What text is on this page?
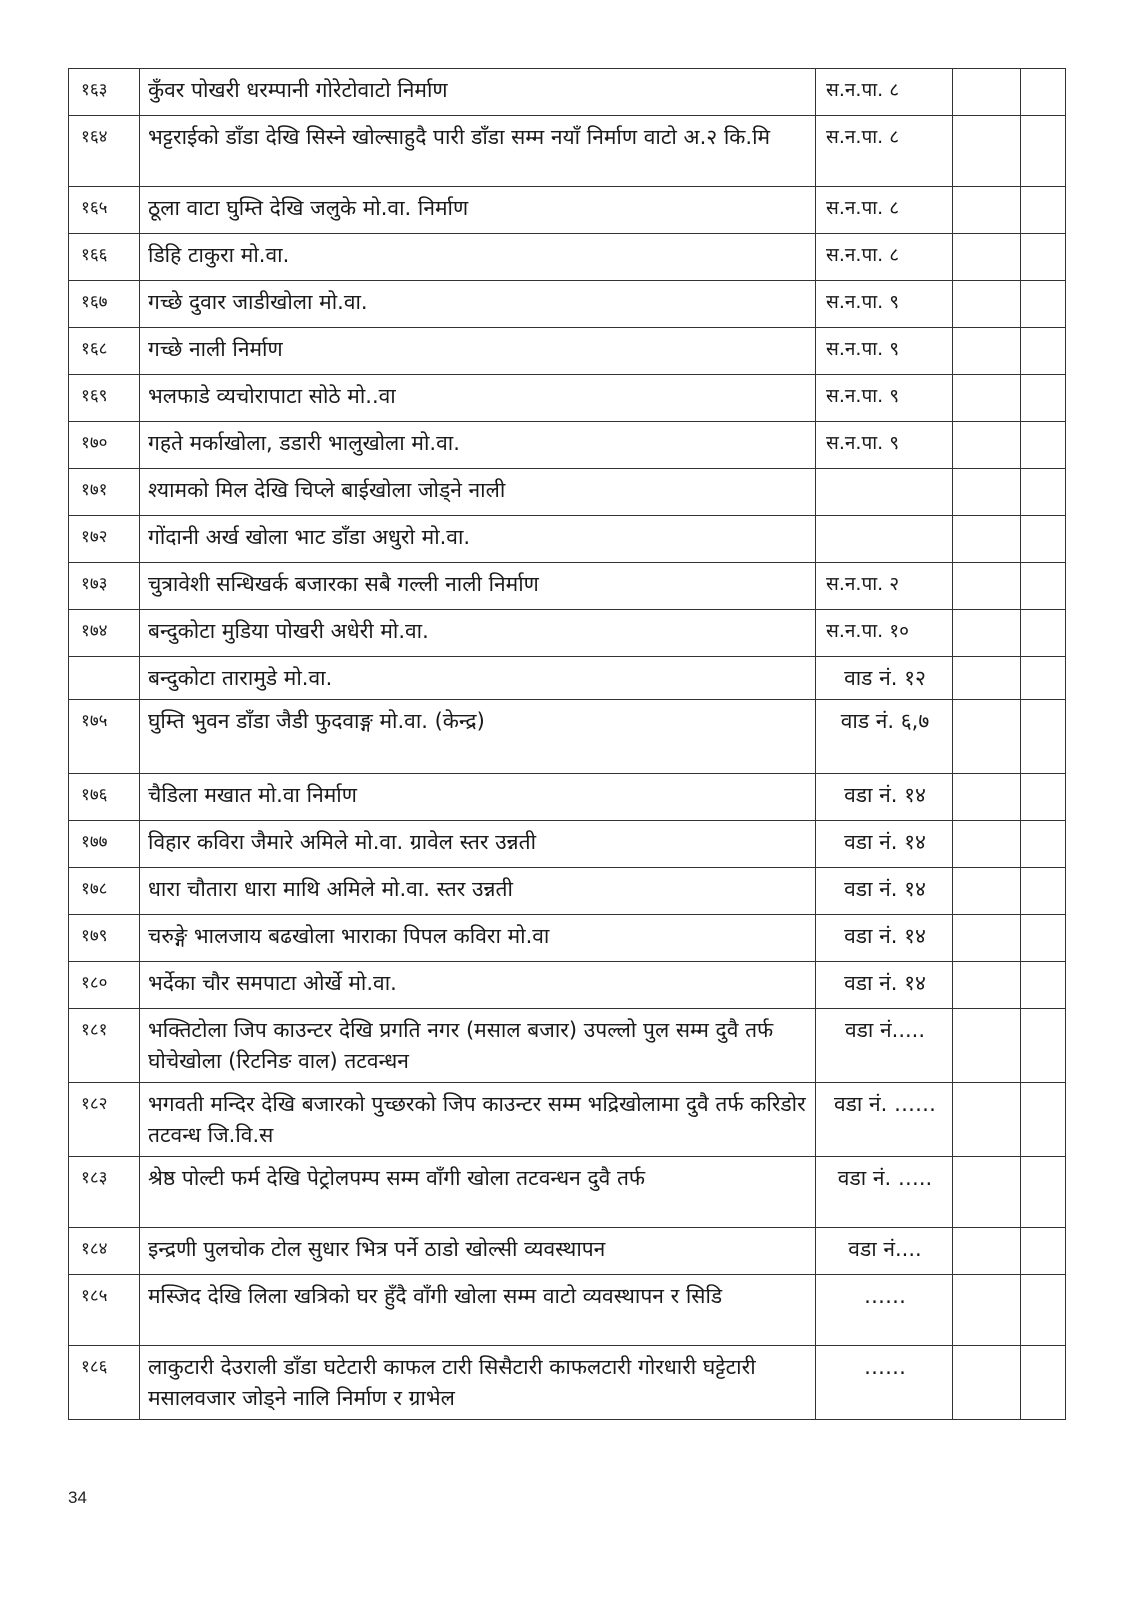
१६३	कुँवर पोखरी धरम्पानी गोरेटोवाटो निर्माण	स.न.पा. ८		
१६४	भट्टराईको डाँडा देखि सिस्ने खोल्साहुदै पारी डाँडा सम्म नयाँ निर्माण वाटो अ.२ कि.मि	स.न.पा. ८		
१६५	ठूला वाटा घुम्ति देखि जलुके मो.वा. निर्माण	स.न.पा. ८		
१६६	डिहि टाकुरा मो.वा.	स.न.पा. ८		
१६७	गच्छे दुवार जाडीखोला मो.वा.	स.न.पा. ९		
१६८	गच्छे नाली निर्माण	स.न.पा. ९		
१६९	भलफाडे व्यचोरापाटा सोठे मो..वा	स.न.पा. ९		
१७०	गहते मर्काखोला, डडारी भालुखोला मो.वा.	स.न.पा. ९		
१७१	श्यामको मिल देखि चिप्ले बाईखोला जोड्ने नाली			
१७२	गोंदानी अर्ख खोला भाट डाँडा अधुरो मो.वा.			
१७३	चुत्रावेशी सन्धिखर्क बजारका सबै गल्ली नाली निर्माण	स.न.पा. २		
१७४	बन्दुकोटा मुडिया पोखरी अधेरी मो.वा.	स.न.पा. १०		
	बन्दुकोटा तारामुडे मो.वा.	वाड नं. १२		
१७५	घुम्ति भुवन डाँडा जैडी फुदवाङ्ग मो.वा. (केन्द्र)	वाड नं. ६,७		
१७६	चैडिला मखात मो.वा निर्माण	वडा नं. १४		
१७७	विहार कविरा जैमारे अमिले मो.वा. ग्रावेल स्तर उन्नती	वडा नं. १४		
१७८	धारा चौतारा धारा माथि अमिले मो.वा. स्तर उन्नती	वडा नं. १४		
१७९	चरुङ्गे भालजाय बढखोला भाराका पिपल कविरा मो.वा	वडा नं. १४		
१८०	भर्देका चौर समपाटा ओर्खे मो.वा.	वडा नं. १४		
१८१	भक्तिटोला जिप काउन्टर देखि प्रगति नगर (मसाल बजार) उपल्लो पुल सम्म दुवै तर्फ घोचेखोला (रिटनिङ वाल) तटवन्धन	वडा नं.....		
१८२	भगवती मन्दिर देखि बजारको पुच्छरको जिप काउन्टर सम्म भद्रिखोलामा दुवै तर्फ करिडोर तटवन्ध जि.वि.स	वडा नं. ……		
१८३	श्रेष्ठ पोल्टी फर्म देखि पेट्रोलपम्प सम्म वाँगी खोला तटवन्धन दुवै तर्फ	वडा नं. …..		
१८४	इन्द्रणी पुलचोक टोल सुधार भित्र पर्ने ठाडो खोल्सी व्यवस्थापन	वडा नं....		
१८५	मस्जिद देखि लिला खत्रिको घर हुँदै वाँगी खोला सम्म वाटो व्यवस्थापन र सिडि	……		
१८६	लाकुटारी देउराली डाँडा घटेटारी काफल टारी सिसैटारी काफलटारी गोरधारी घट्टेटारी मसालवजार जोड्ने नालि निर्माण र ग्राभेल	……		
34
